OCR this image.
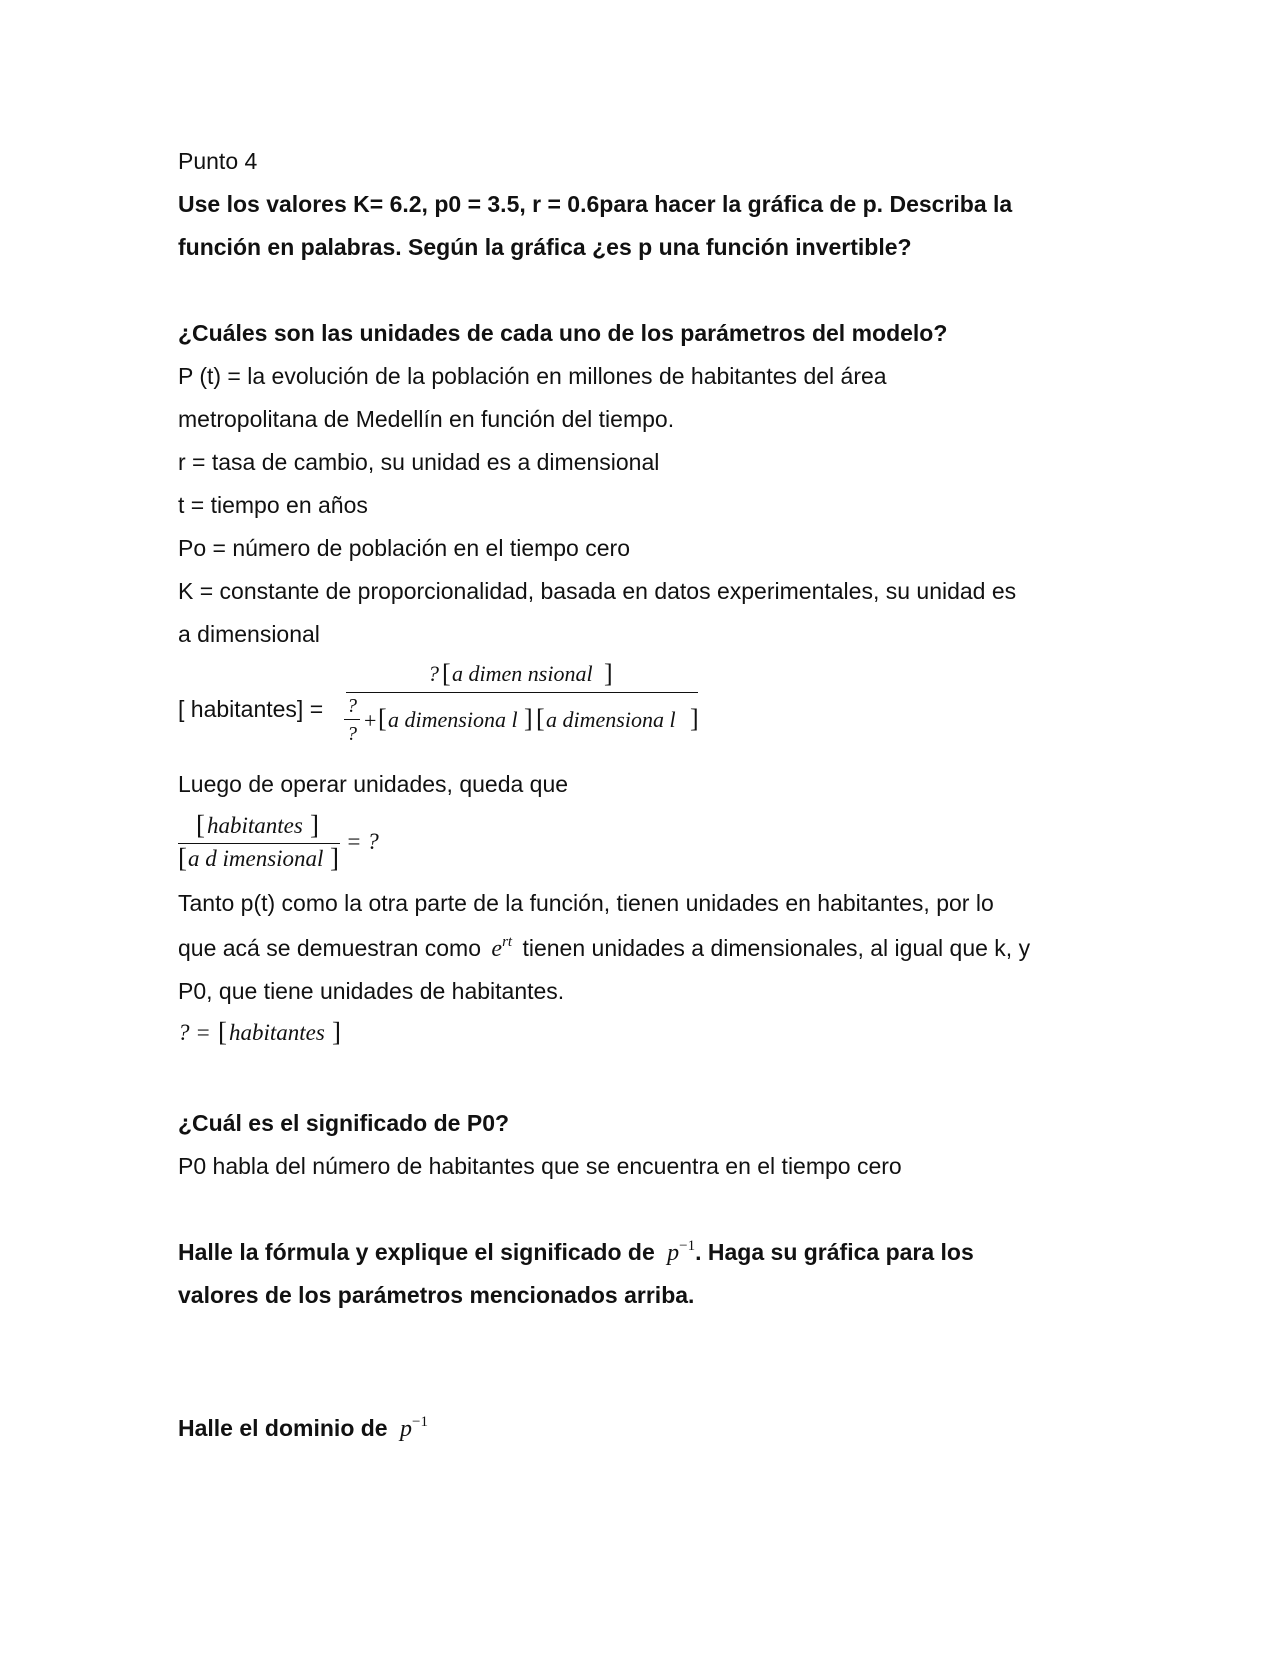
Punto 4

Use los valores K= 6.2, p0 = 3.5, r = 0.6para hacer la gráfica de p. Describa la

función en palabras. Según la gráfica ¿es p una función invertible?

¿Cuáles son las unidades de cada uno de los parámetros del modelo?

P (t) = la evolución de la población en millones de habitantes del área

metropolitana de Medellín en función del tiempo.

r = tasa de cambio, su unidad es a dimensional

t = tiempo en años

Po = número de población en el tiempo cero

K = constante de proporcionalidad, basada en datos experimentales, su unidad es

a dimensional

[ habitantes] =

? [ a dimen nsional ]
?
?
+ [ a dimensiona l ] [ a dimensiona l ]

Luego de operar unidades, queda que

[ habitantes ]
[ a d imensional ]
= ?

Tanto p(t) como la otra parte de la función, tienen unidades en habitantes, por lo

que acá se demuestran como $e^{rt}$ tienen unidades a dimensionales, al igual que k, y

P0, que tiene unidades de habitantes.

? = [ habitantes ]

¿Cuál es el significado de P0?

P0 habla del número de habitantes que se encuentra en el tiempo cero

Halle la fórmula y explique el significado de $p^{-1}$. Haga su gráfica para los

valores de los parámetros mencionados arriba.

Halle el dominio de $p^{-1}$
